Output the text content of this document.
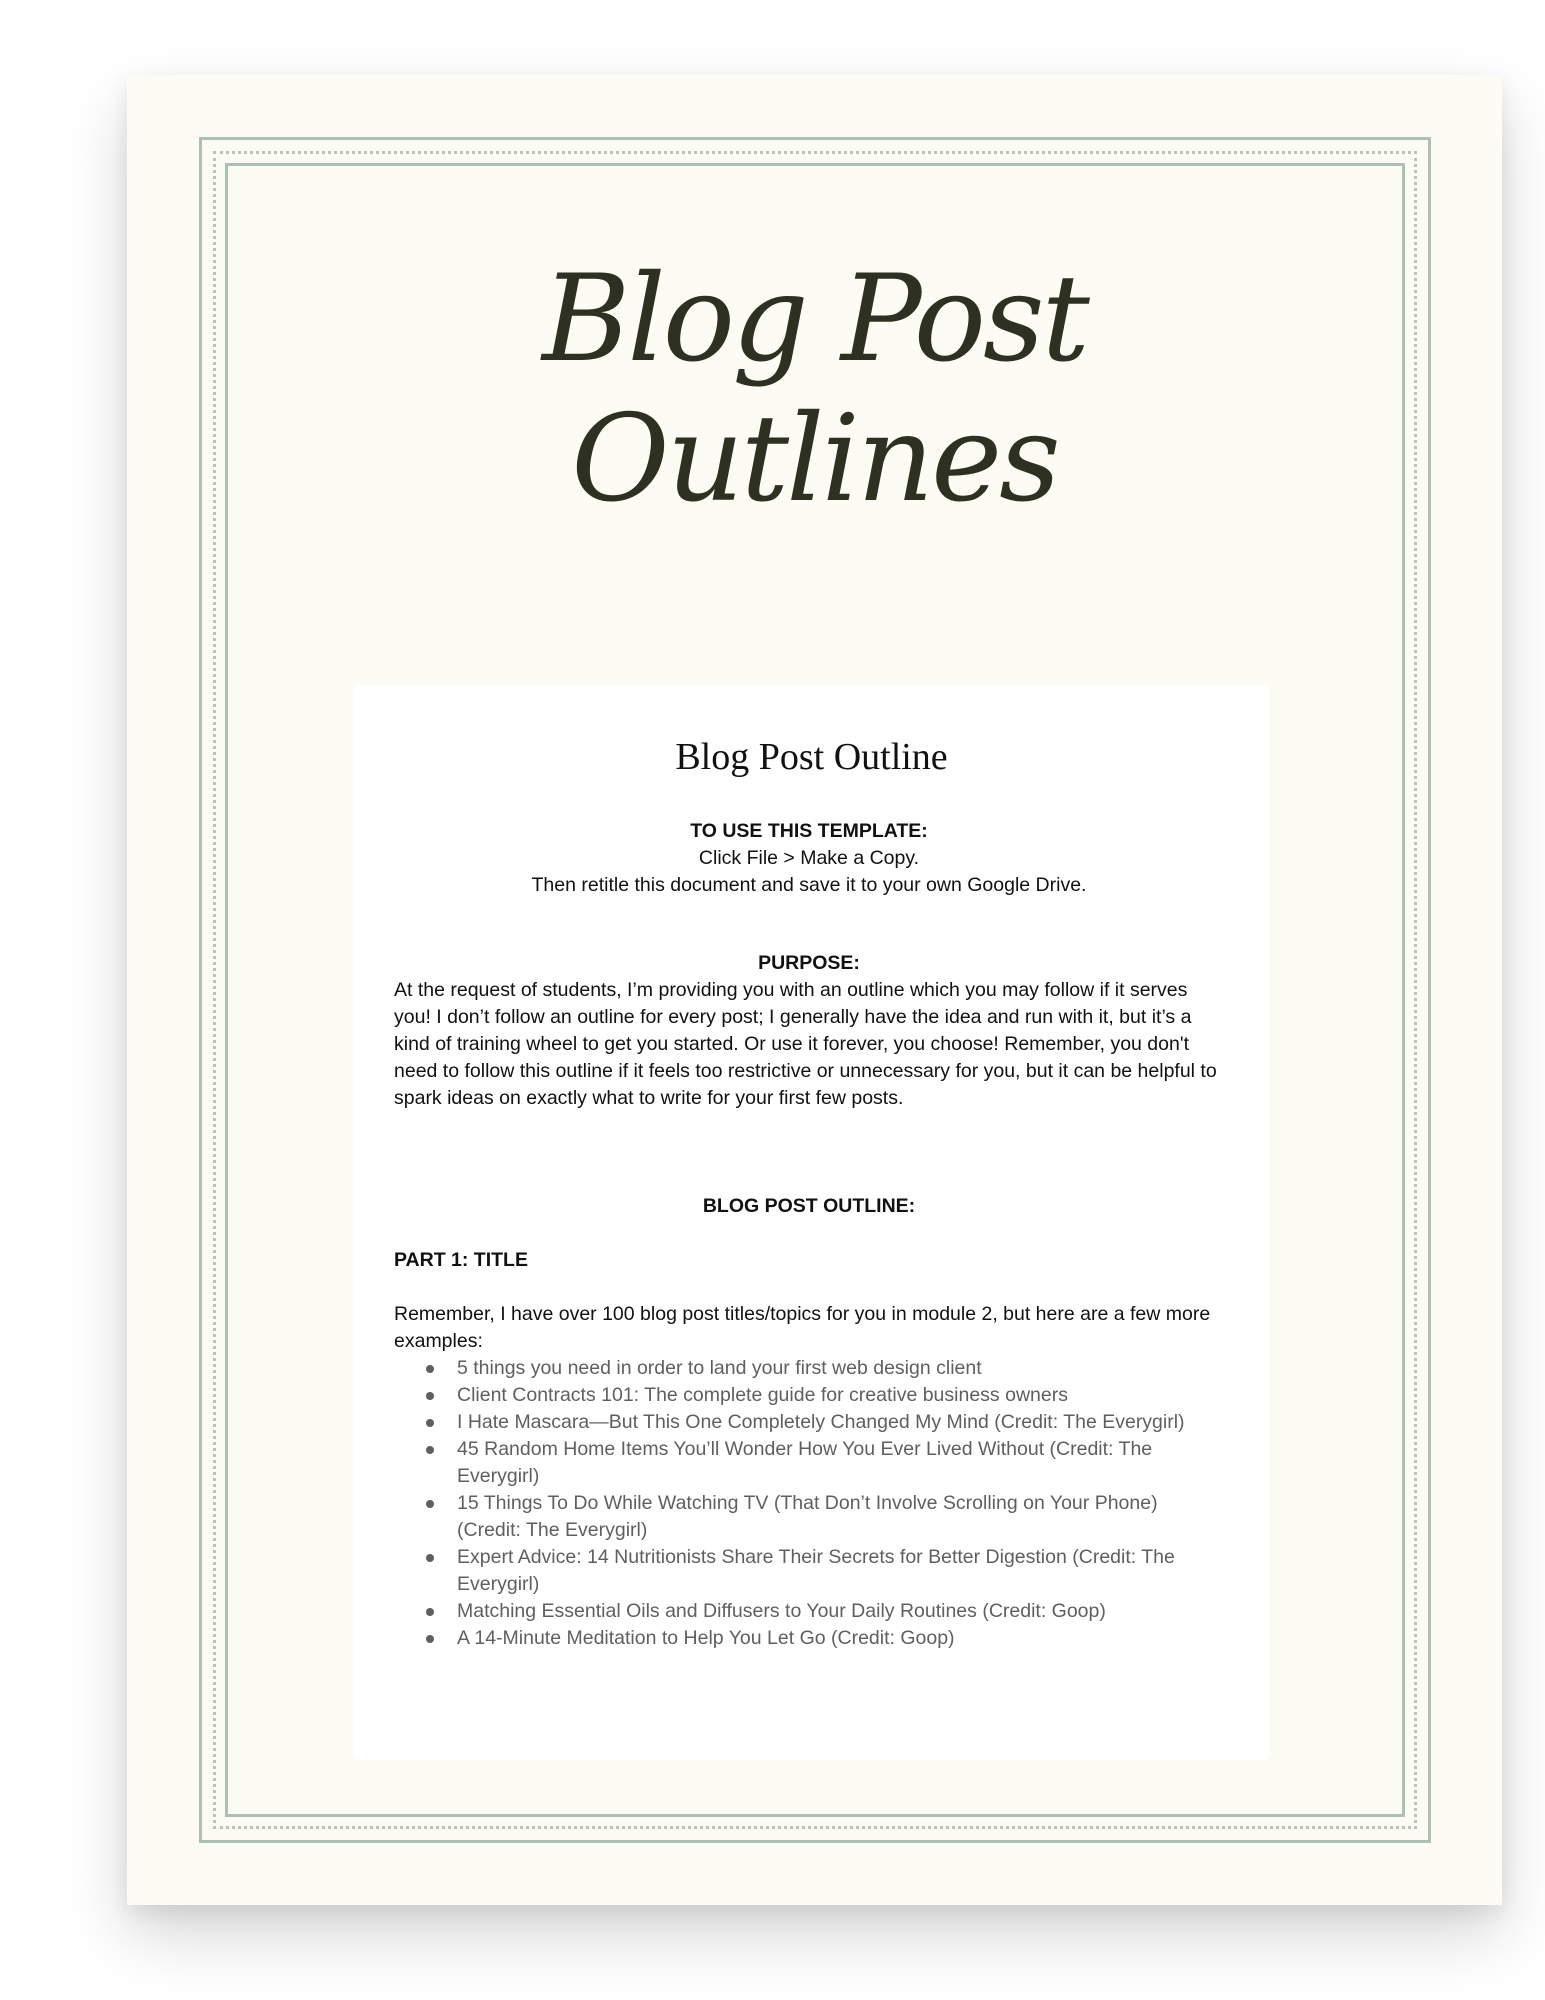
Blog Post
Outlines
Blog Post Outline
TO USE THIS TEMPLATE:
Click File > Make a Copy.
Then retitle this document and save it to your own Google Drive.
PURPOSE:
At the request of students, I’m providing you with an outline which you may follow if it serves you! I don’t follow an outline for every post; I generally have the idea and run with it, but it’s a kind of training wheel to get you started. Or use it forever, you choose! Remember, you don't need to follow this outline if it feels too restrictive or unnecessary for you, but it can be helpful to spark ideas on exactly what to write for your first few posts.
BLOG POST OUTLINE:
PART 1: TITLE
Remember, I have over 100 blog post titles/topics for you in module 2, but here are a few more examples:
5 things you need in order to land your first web design client
Client Contracts 101: The complete guide for creative business owners
I Hate Mascara—But This One Completely Changed My Mind (Credit: The Everygirl)
45 Random Home Items You’ll Wonder How You Ever Lived Without (Credit: The Everygirl)
15 Things To Do While Watching TV (That Don’t Involve Scrolling on Your Phone) (Credit: The Everygirl)
Expert Advice: 14 Nutritionists Share Their Secrets for Better Digestion (Credit: The Everygirl)
Matching Essential Oils and Diffusers to Your Daily Routines (Credit: Goop)
A 14-Minute Meditation to Help You Let Go (Credit: Goop)
